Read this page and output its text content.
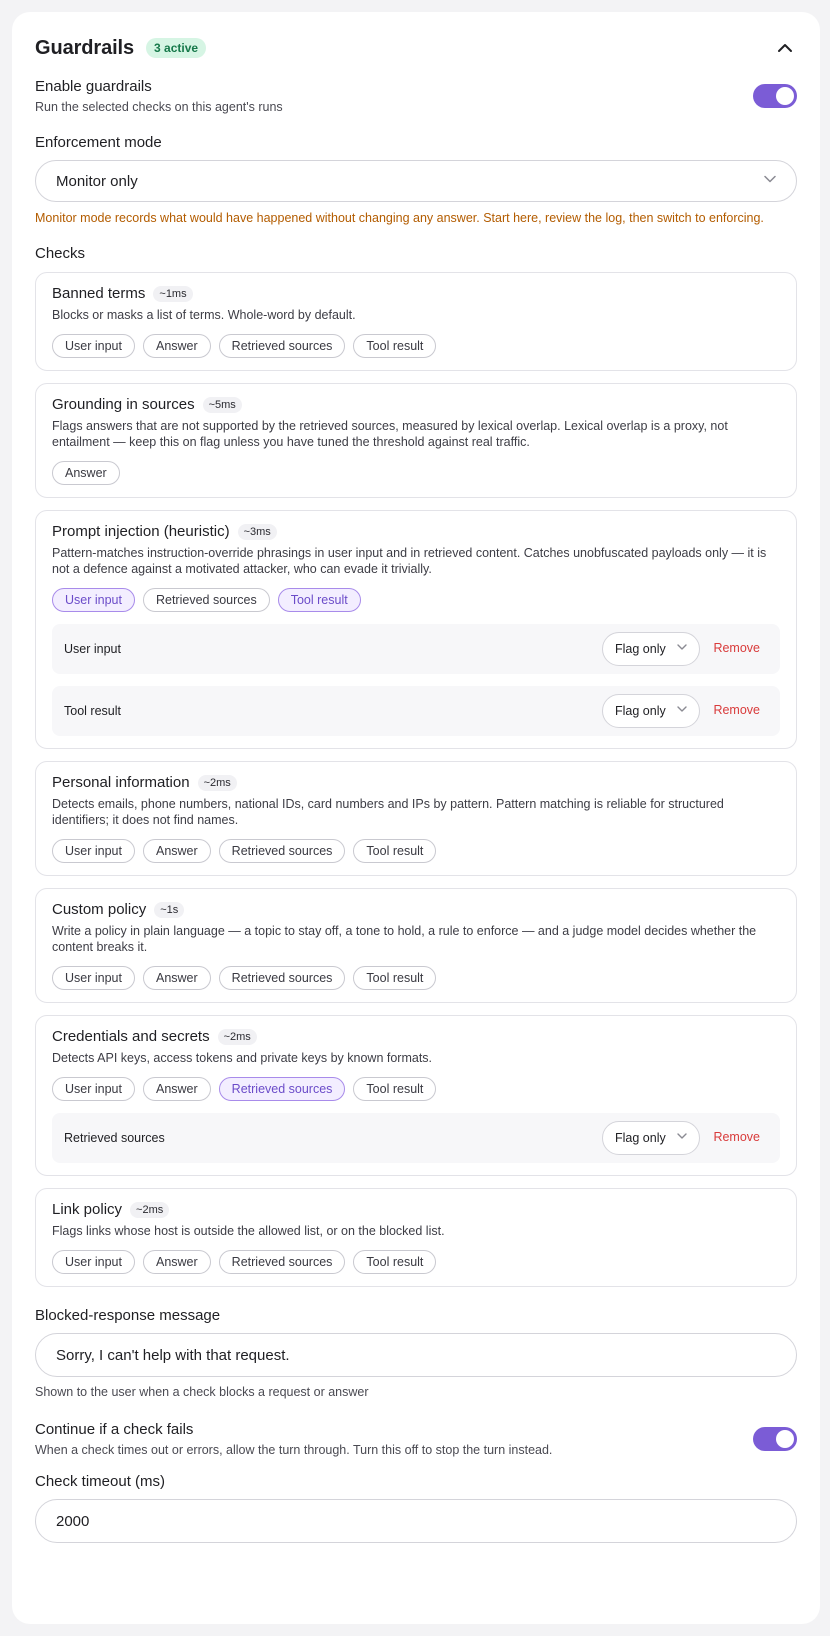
Guardrails	3 active
Enable guardrails
Run the selected checks on this agent's runs
Enforcement mode
Monitor only
Monitor mode records what would have happened without changing any answer. Start here, review the log, then switch to enforcing.
Checks
Banned terms	~1ms
Blocks or masks a list of terms. Whole-word by default.
User input	Answer	Retrieved sources	Tool result
Grounding in sources	~5ms
Flags answers that are not supported by the retrieved sources, measured by lexical overlap. Lexical overlap is a proxy, not entailment — keep this on flag unless you have tuned the threshold against real traffic.
Answer
Prompt injection (heuristic)	~3ms
Pattern-matches instruction-override phrasings in user input and in retrieved content. Catches unobfuscated payloads only — it is not a defence against a motivated attacker, who can evade it trivially.
User input	Retrieved sources	Tool result
User input	Flag only	Remove
Tool result	Flag only	Remove
Personal information	~2ms
Detects emails, phone numbers, national IDs, card numbers and IPs by pattern. Pattern matching is reliable for structured identifiers; it does not find names.
User input	Answer	Retrieved sources	Tool result
Custom policy	~1s
Write a policy in plain language — a topic to stay off, a tone to hold, a rule to enforce — and a judge model decides whether the content breaks it.
User input	Answer	Retrieved sources	Tool result
Credentials and secrets	~2ms
Detects API keys, access tokens and private keys by known formats.
User input	Answer	Retrieved sources	Tool result
Retrieved sources	Flag only	Remove
Link policy	~2ms
Flags links whose host is outside the allowed list, or on the blocked list.
User input	Answer	Retrieved sources	Tool result
Blocked-response message
Sorry, I can't help with that request.
Shown to the user when a check blocks a request or answer
Continue if a check fails
When a check times out or errors, allow the turn through. Turn this off to stop the turn instead.
Check timeout (ms)
2000
